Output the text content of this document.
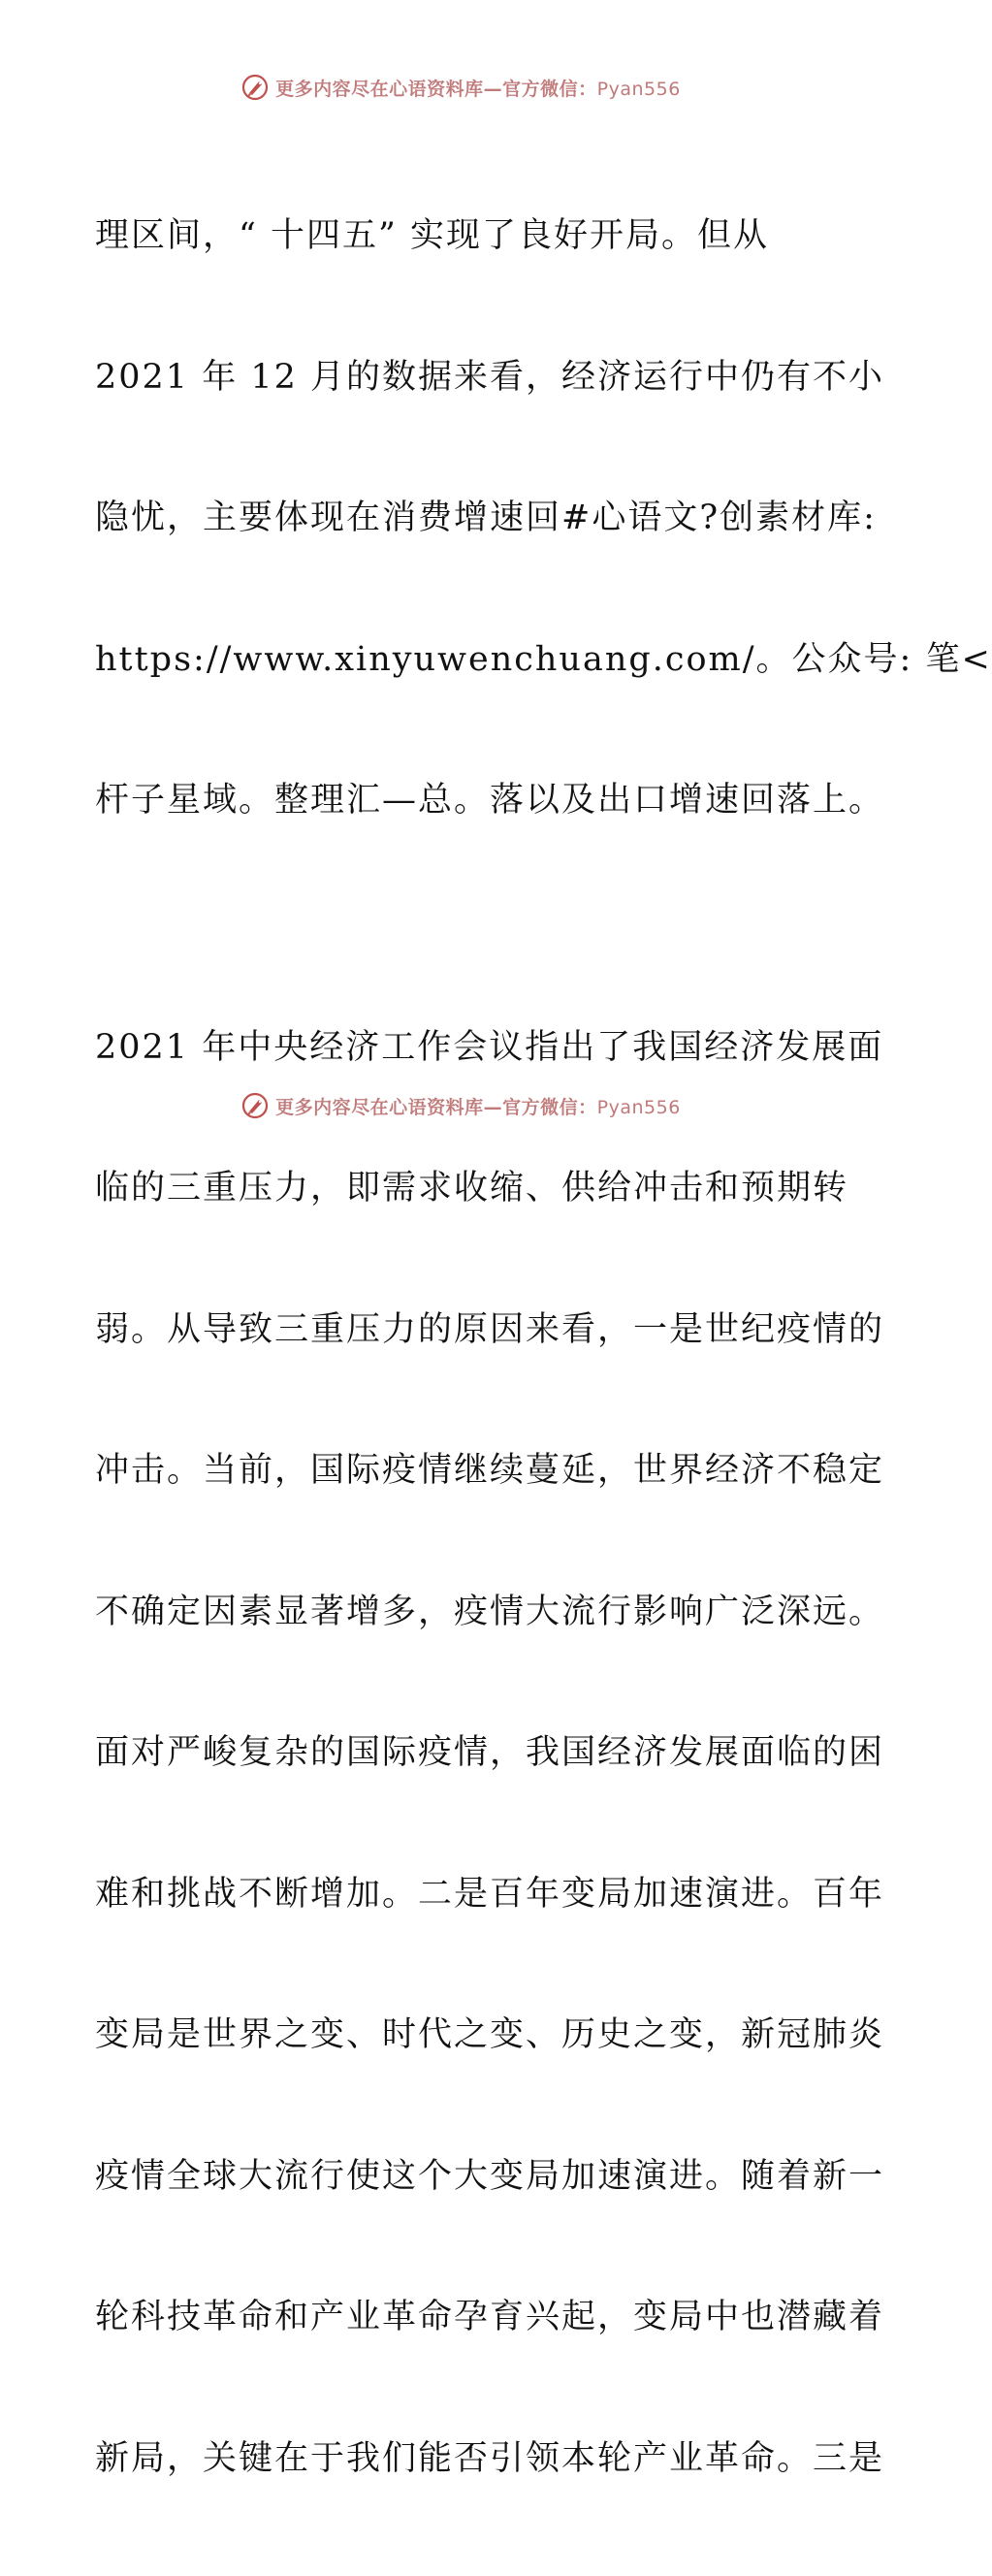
更多内容尽在心语资料库—官方微信：Pyan556

理区间，“ 十四五” 实现了良好开局。但从

2021 年 12 月的数据来看，经济运行中仍有不小

隐忧，主要体现在消费增速回#心语文?创素材库:

https://www.xinyuwenchuang.com/。公众号: 笔<

杆子星域。整理汇—总。落以及出口增速回落上。

2021 年中央经济工作会议指出了我国经济发展面

临的三重压力，即需求收缩、供给冲击和预期转

弱。从导致三重压力的原因来看，一是世纪疫情的

冲击。当前，国际疫情继续蔓延，世界经济不稳定

不确定因素显著增多，疫情大流行影响广泛深远。

面对严峻复杂的国际疫情，我国经济发展面临的困

难和挑战不断增加。二是百年变局加速演进。百年

变局是世界之变、时代之变、历史之变，新冠肺炎

疫情全球大流行使这个大变局加速演进。随着新一

轮科技革命和产业革命孕育兴起，变局中也潜藏着

新局，关键在于我们能否引领本轮产业革命。三是

更多内容尽在心语资料库—官方微信：Pyan556
